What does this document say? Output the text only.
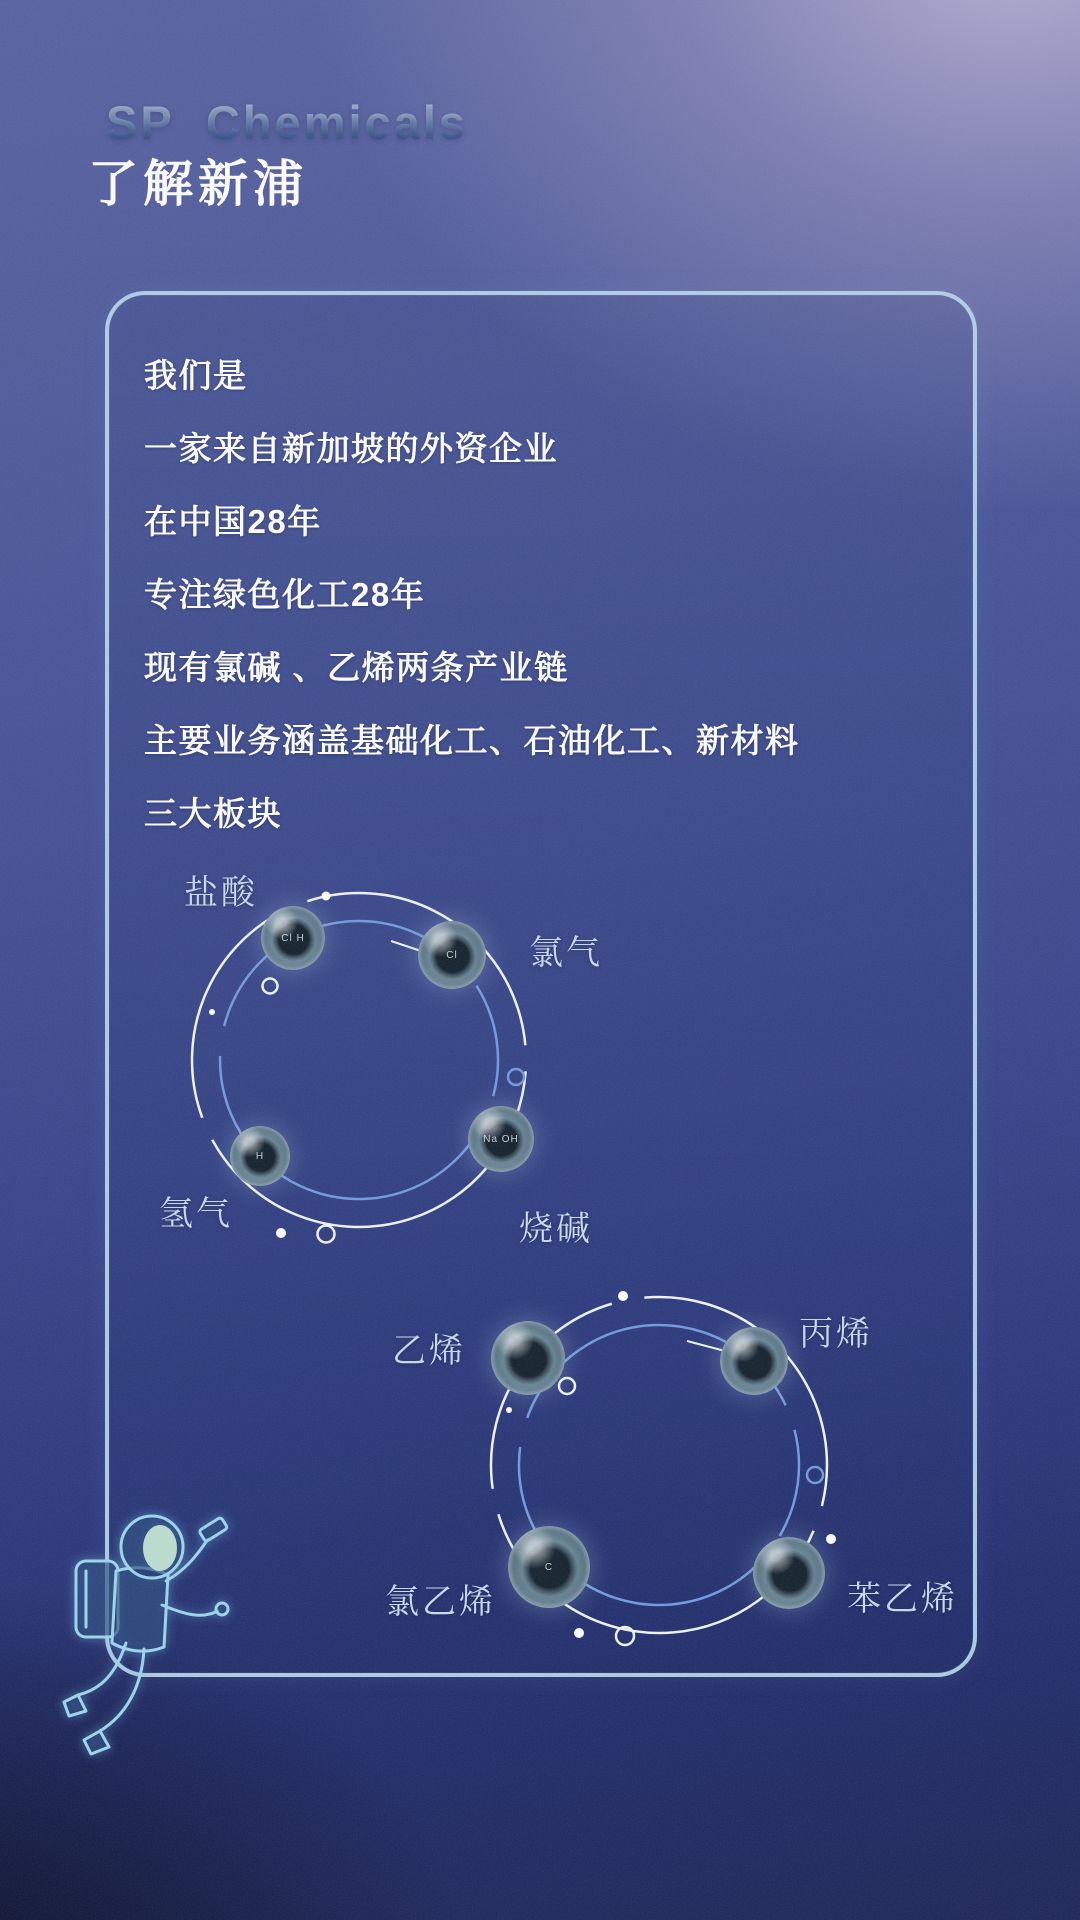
SP Chemicals
了解新浦

我们是

一家来自新加坡的外资企业

在中国28年

专注绿色化工28年

现有氯碱 、乙烯两条产业链

主要业务涵盖基础化工、石油化工、新材料

三大板块

Cl H
盐酸
Cl	氯气
H
氢气
Na OH
烧碱
乙烯	丙烯
C
氯乙烯	苯乙烯
